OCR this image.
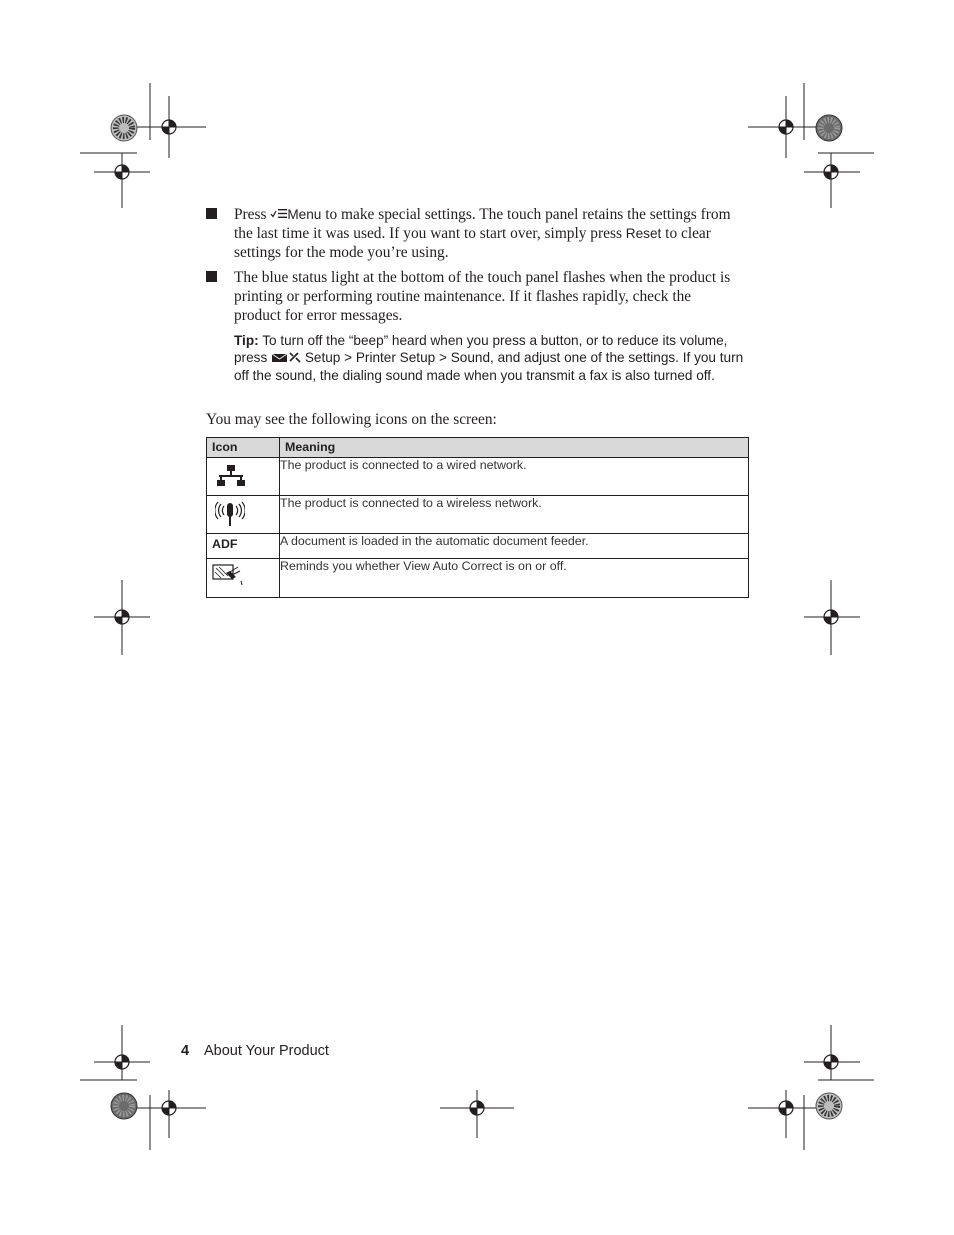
Press Menu to make special settings. The touch panel retains the settings from the last time it was used. If you want to start over, simply press Reset to clear settings for the mode you’re using.
The blue status light at the bottom of the touch panel flashes when the product is printing or performing routine maintenance. If it flashes rapidly, check the product for error messages.
Tip: To turn off the “beep” heard when you press a button, or to reduce its volume, press	Setup > Printer Setup > Sound, and adjust one of the settings. If you turn off the sound, the dialing sound made when you transmit a fax is also turned off.
You may see the following icons on the screen:
Icon	Meaning

	The product is connected to a wired network.

	The product is connected to a wireless network.
ADF	A document is loaded in the automatic document feeder.

	Reminds you whether View Auto Correct is on or off.
4 About Your Product
